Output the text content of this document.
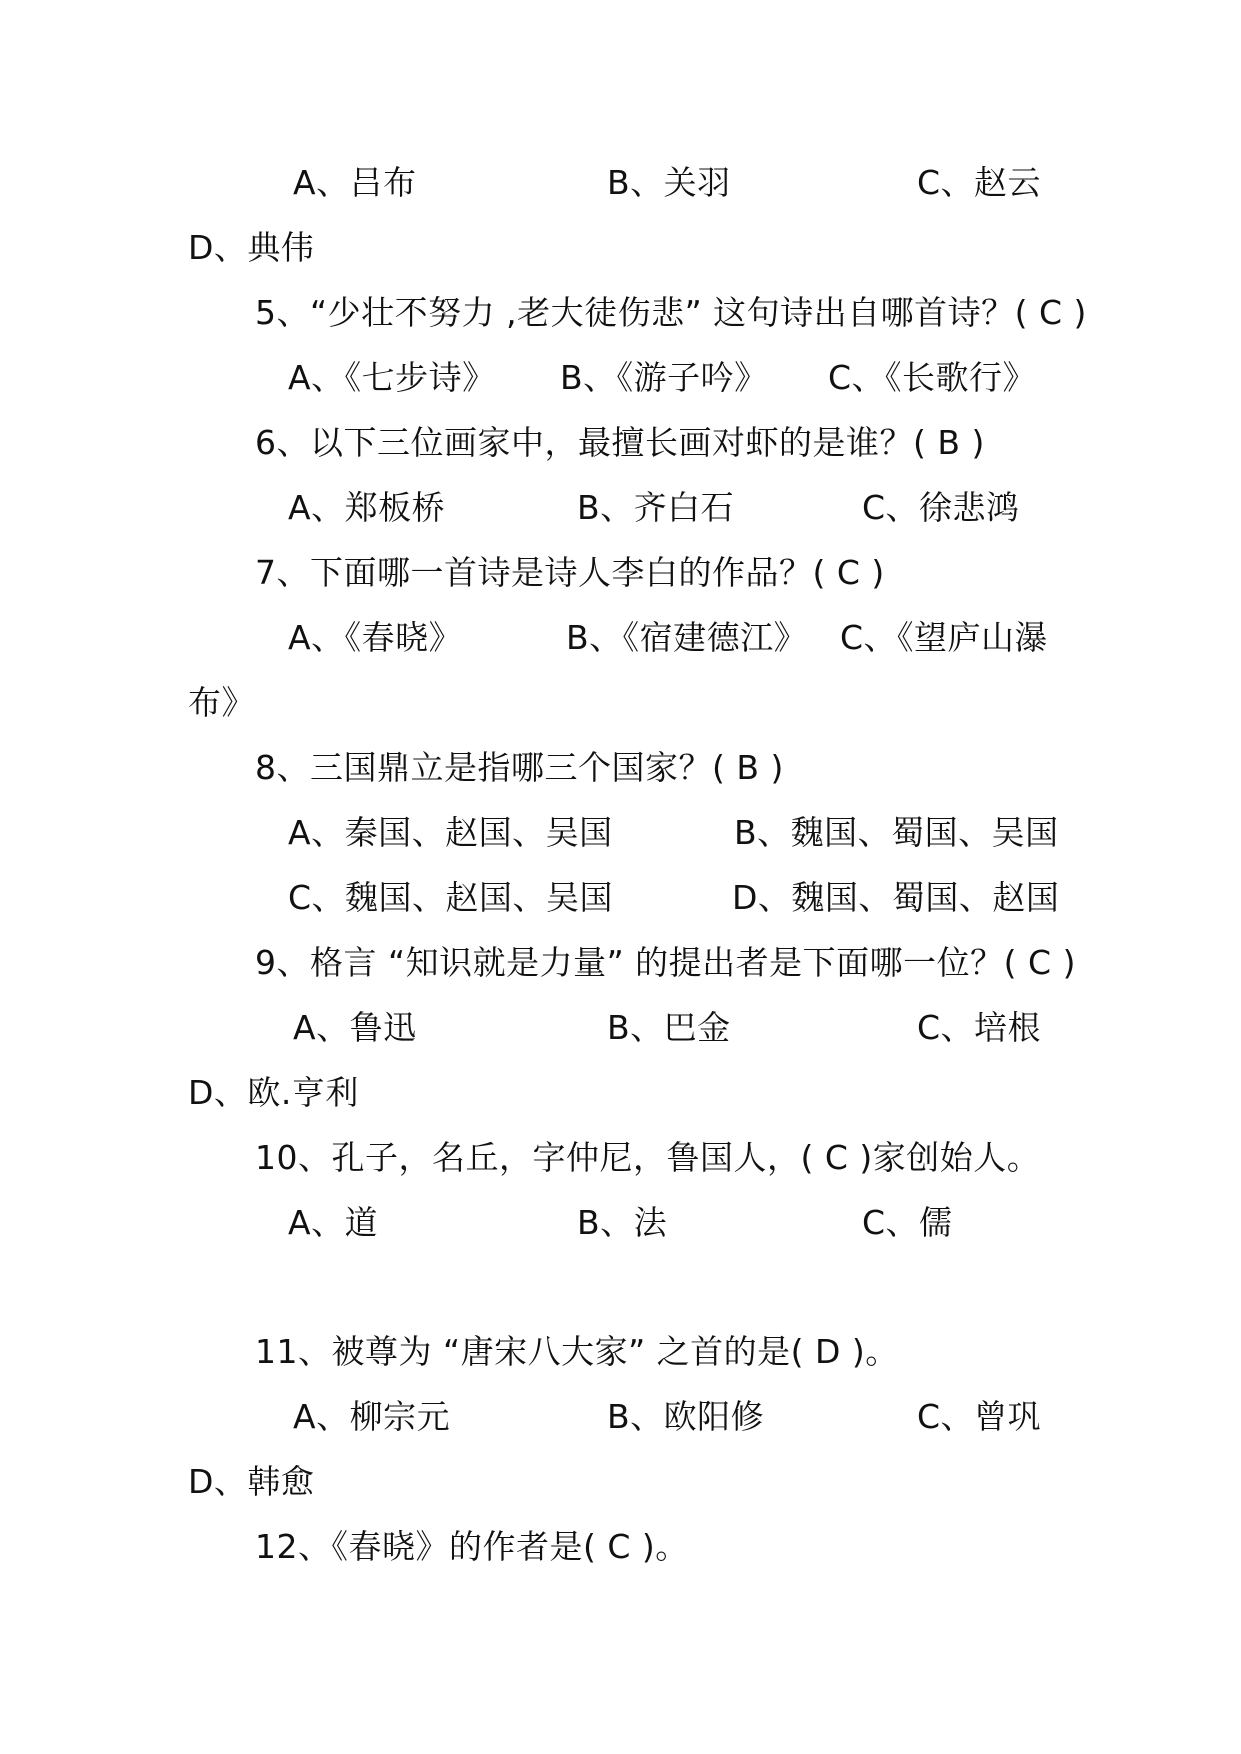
A、吕布	B、关羽	C、赵云
D、典伟
5、“少壮不努力 ,老大徒伤悲” 这句诗出自哪首诗？( C )
A、《七步诗》 B、《游子吟》 C、《长歌行》
6、以下三位画家中，最擅长画对虾的是谁？( B )
A、郑板桥	B、齐白石	C、徐悲鸿
7、下面哪一首诗是诗人李白的作品？( C )
A、《春晓》	B、《宿建德江》 C、《望庐山瀑
布》
8、三国鼎立是指哪三个国家？( B )
A、秦国、赵国、吴国	B、魏国、蜀国、吴国
C、魏国、赵国、吴国	D、魏国、蜀国、赵国
9、格言 “知识就是力量” 的提出者是下面哪一位？( C )
A、鲁迅	B、巴金	C、培根
D、欧.亨利
10、孔子，名丘，字仲尼，鲁国人，( C )家创始人。
A、道	B、法	C、儒
11、被尊为 “唐宋八大家” 之首的是( D )。
A、柳宗元	B、欧阳修	C、曾巩
D、韩愈
12、《春晓》的作者是( C )。
